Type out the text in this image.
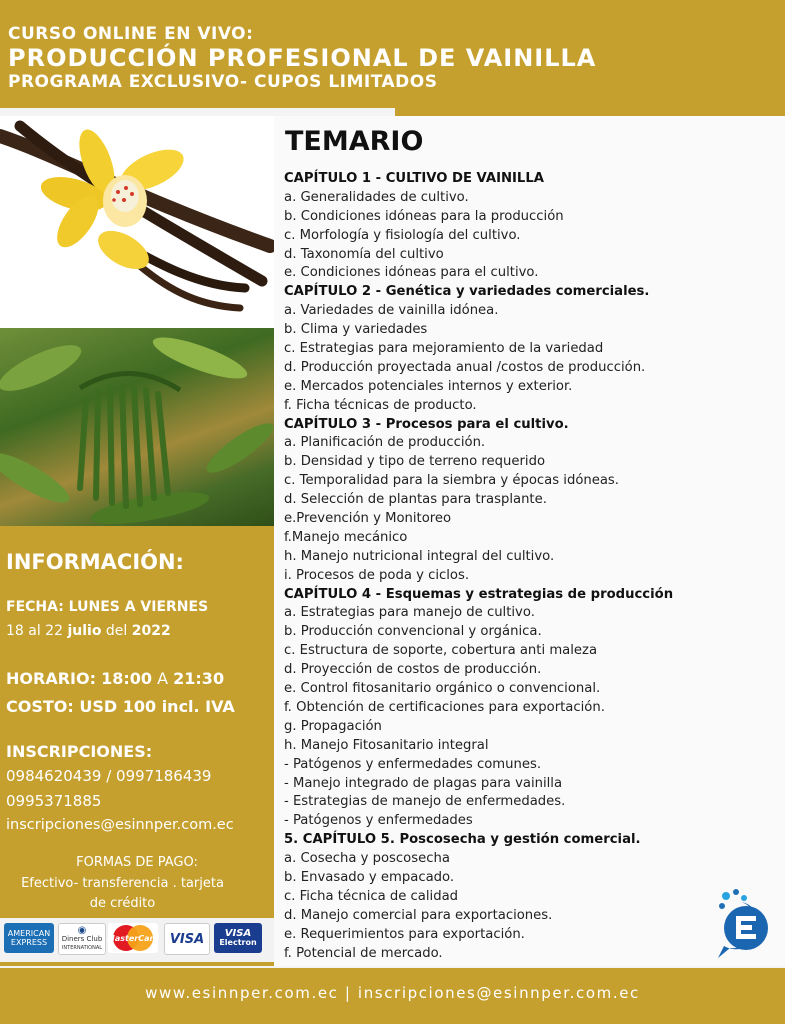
CURSO ONLINE EN VIVO:
PRODUCCIÓN PROFESIONAL DE VAINILLA
PROGRAMA EXCLUSIVO- CUPOS LIMITADOS
INFORMACIÓN:
FECHA: LUNES A VIERNES
18 al 22 julio del 2022
HORARIO: 18:00 A 21:30
COSTO: USD 100 incl. IVA
INSCRIPCIONES:
0984620439 / 0997186439
0995371885
inscripciones@esinnper.com.ec
FORMAS DE PAGO:
Efectivo- transferencia . tarjeta
de crédito
AMERICAN
EXPRESS
◉
Diners Club
INTERNATIONAL
MasterCard VISA	VISA
Electron
TEMARIO
CAPÍTULO 1 - CULTIVO DE VAINILLA
a. Generalidades de cultivo.
b. Condiciones idóneas para la producción
c. Morfología y fisiología del cultivo.
d. Taxonomía del cultivo
e. Condiciones idóneas para el cultivo.
CAPÍTULO 2 - Genética y variedades comerciales.
a. Variedades de vainilla idónea.
b. Clima y variedades
c. Estrategias para mejoramiento de la variedad
d. Producción proyectada anual /costos de producción.
e. Mercados potenciales internos y exterior.
f. Ficha técnicas de producto.
CAPÍTULO 3 - Procesos para el cultivo.
a. Planificación de producción.
b. Densidad y tipo de terreno requerido
c. Temporalidad para la siembra y épocas idóneas.
d. Selección de plantas para trasplante.
e.Prevención y Monitoreo
f.Manejo mecánico
h. Manejo nutricional integral del cultivo.
i. Procesos de poda y ciclos.
CAPÍTULO 4 - Esquemas y estrategias de producción
a. Estrategias para manejo de cultivo.
b. Producción convencional y orgánica.
c. Estructura de soporte, cobertura anti maleza
d. Proyección de costos de producción.
e. Control fitosanitario orgánico o convencional.
f. Obtención de certificaciones para exportación.
g. Propagación
h. Manejo Fitosanitario integral
- Patógenos y enfermedades comunes.
- Manejo integrado de plagas para vainilla
- Estrategias de manejo de enfermedades.
- Patógenos y enfermedades
5. CAPÍTULO 5. Poscosecha y gestión comercial.
a. Cosecha y poscosecha
b. Envasado y empacado.
c. Ficha técnica de calidad
d. Manejo comercial para exportaciones.
e. Requerimientos para exportación.
f. Potencial de mercado.
www.esinnper.com.ec | inscripciones@esinnper.com.ec
